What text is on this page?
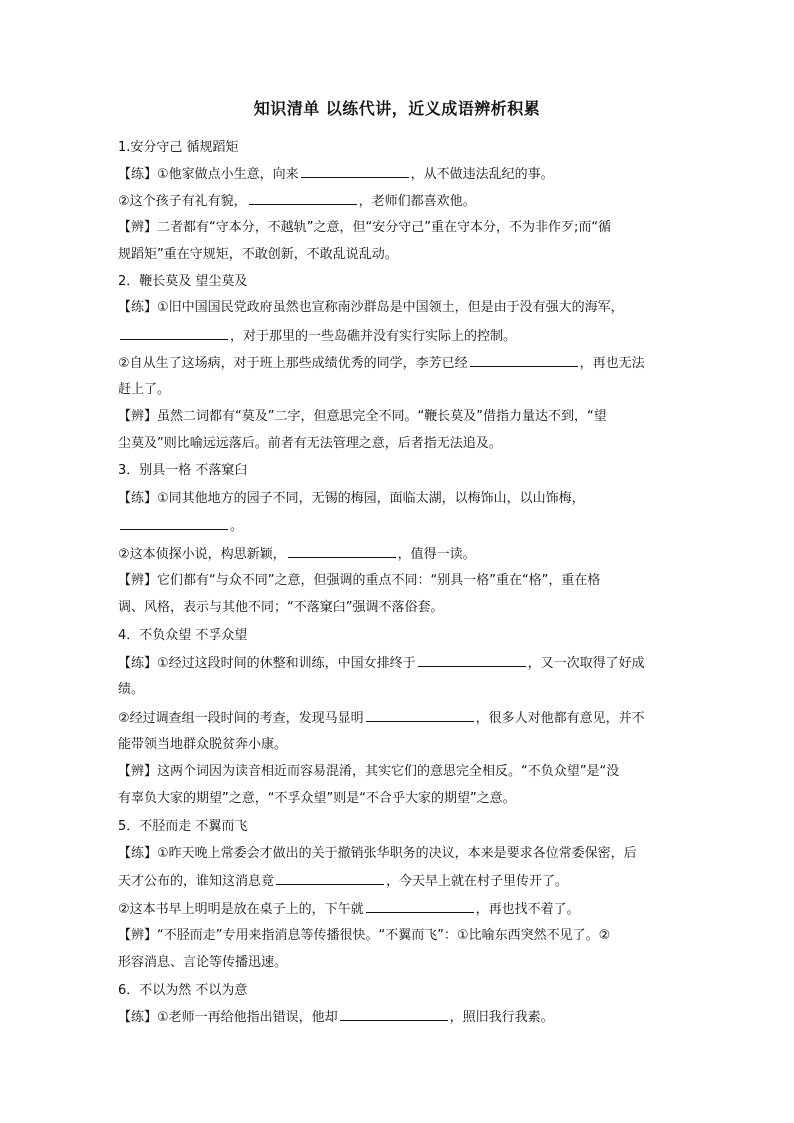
知识清单 以练代讲，近义成语辨析积累
1.安分守己 循规蹈矩
【练】①他家做点小生意，向来	，从不做违法乱纪的事。
②这个孩子有礼有貌，	，老师们都喜欢他。
【辨】二者都有“守本分，不越轨”之意，但“安分守己”重在守本分，不为非作歹;而“循
规蹈矩”重在守规矩，不敢创新，不敢乱说乱动。
2．鞭长莫及 望尘莫及
【练】①旧中国国民党政府虽然也宣称南沙群岛是中国领土，但是由于没有强大的海军，
，对于那里的一些岛礁并没有实行实际上的控制。
②自从生了这场病，对于班上那些成绩优秀的同学，李芳已经	，再也无法
赶上了。
【辨】虽然二词都有“莫及”二字，但意思完全不同。“鞭长莫及”借指力量达不到，“望
尘莫及”则比喻远远落后。前者有无法管理之意，后者指无法追及。
3．别具一格 不落窠臼
【练】①同其他地方的园子不同，无锡的梅园，面临太湖，以梅饰山，以山饰梅，
。
②这本侦探小说，构思新颖，	，值得一读。
【辨】它们都有“与众不同”之意，但强调的重点不同：“别具一格”重在“格”，重在格
调、风格，表示与其他不同；“不落窠臼”强调不落俗套。
4．不负众望 不孚众望
【练】①经过这段时间的休整和训练，中国女排终于	，又一次取得了好成
绩。
②经过调查组一段时间的考查，发现马显明	，很多人对他都有意见，并不
能带领当地群众脱贫奔小康。
【辨】这两个词因为读音相近而容易混淆，其实它们的意思完全相反。“不负众望”是“没
有辜负大家的期望”之意，“不孚众望”则是“不合乎大家的期望”之意。
5．不胫而走 不翼而飞
【练】①昨天晚上常委会才做出的关于撤销张华职务的决议，本来是要求各位常委保密，后
天才公布的，谁知这消息竟	，今天早上就在村子里传开了。
②这本书早上明明是放在桌子上的，下午就	，再也找不着了。
【辨】“不胫而走”专用来指消息等传播很快。“不翼而飞”：①比喻东西突然不见了。②
形容消息、言论等传播迅速。
6．不以为然 不以为意
【练】①老师一再给他指出错误，他却	，照旧我行我素。
